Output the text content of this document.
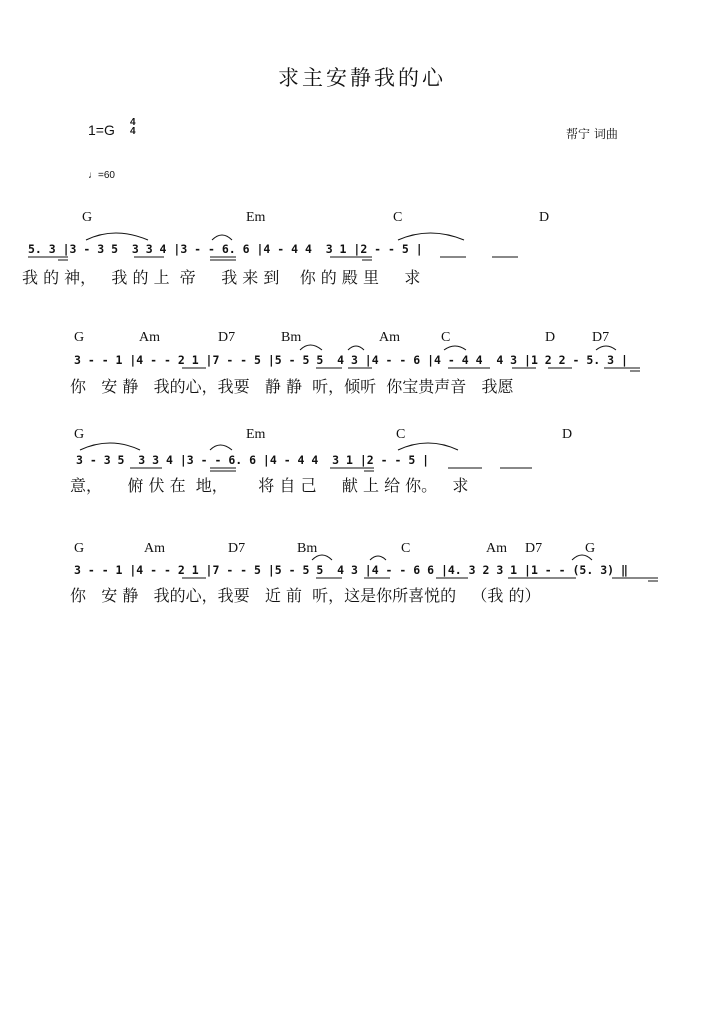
求主安静我的心
1=G 4
4	帮宁 词曲
♩=60
G	Em	C	D
5. 3 |3 - 3 5  3 3 4 |3 - - 6. 6 |4 - 4 4  3 1 |2 - - 5 |
我 的 神，   我 的 上  帝     我 来 到    你 的 殿 里     求
G	Am	D7	Bm	Am	C	D	D7
3 - - 1 |4 - - 2 1 |7 - - 5 |5 - 5 5  4 3 |4 - - 6 |4 - 4 4  4 3 |1 2 2 - 5. 3 |
你   安 静   我的心，我要   静 静  听，倾听  你宝贵声音   我愿
G	Em	C	D
3 - 3 5  3 3 4 |3 - - 6. 6 |4 - 4 4  3 1 |2 - - 5 |
意，     俯 伏 在  地，      将 自 己     献 上 给 你。   求
G	Am	D7	Bm	C	Am D7	G
3 - - 1 |4 - - 2 1 |7 - - 5 |5 - 5 5  4 3 |4 - - 6 6 |4. 3 2 3 1 |1 - - (5. 3) ‖
你   安 静   我的心，我要   近 前  听，这是你所喜悦的   （我 的）
